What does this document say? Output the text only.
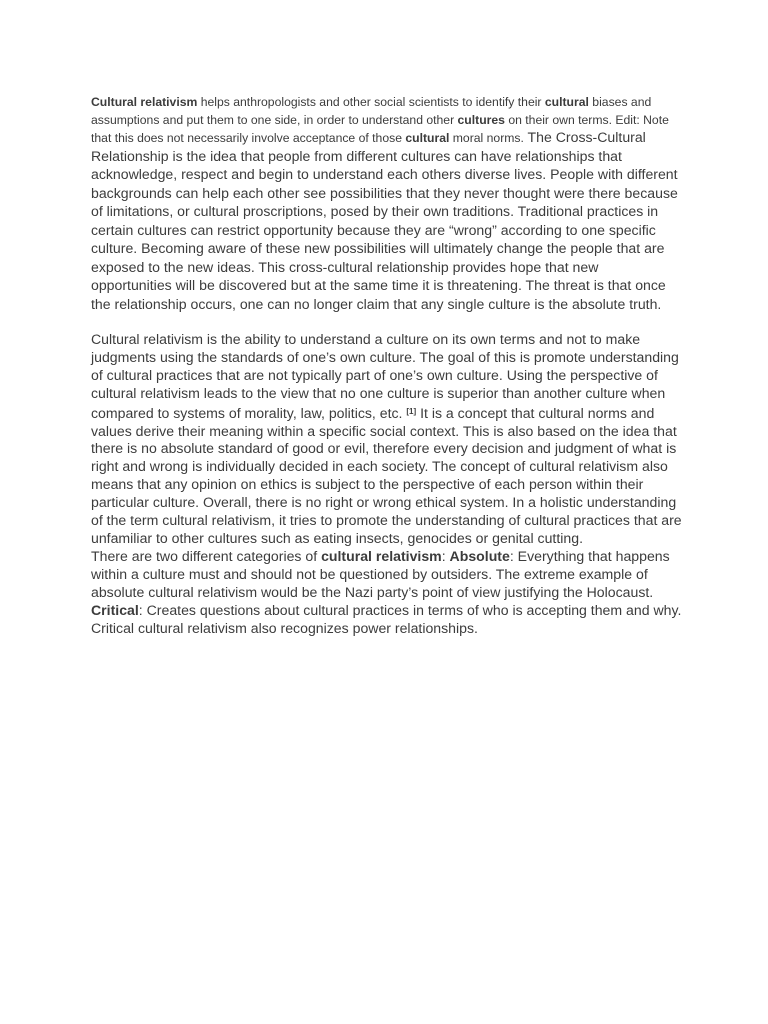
Cultural relativism helps anthropologists and other social scientists to identify their cultural biases and assumptions and put them to one side, in order to understand other cultures on their own terms. Edit: Note that this does not necessarily involve acceptance of those cultural moral norms. The Cross-Cultural Relationship is the idea that people from different cultures can have relationships that acknowledge, respect and begin to understand each others diverse lives. People with different backgrounds can help each other see possibilities that they never thought were there because of limitations, or cultural proscriptions, posed by their own traditions. Traditional practices in certain cultures can restrict opportunity because they are “wrong” according to one specific culture. Becoming aware of these new possibilities will ultimately change the people that are exposed to the new ideas. This cross-cultural relationship provides hope that new opportunities will be discovered but at the same time it is threatening. The threat is that once the relationship occurs, one can no longer claim that any single culture is the absolute truth.

Cultural relativism is the ability to understand a culture on its own terms and not to make judgments using the standards of one’s own culture. The goal of this is promote understanding of cultural practices that are not typically part of one’s own culture. Using the perspective of cultural relativism leads to the view that no one culture is superior than another culture when compared to systems of morality, law, politics, etc. [1] It is a concept that cultural norms and values derive their meaning within a specific social context. This is also based on the idea that there is no absolute standard of good or evil, therefore every decision and judgment of what is right and wrong is individually decided in each society. The concept of cultural relativism also means that any opinion on ethics is subject to the perspective of each person within their particular culture. Overall, there is no right or wrong ethical system. In a holistic understanding of the term cultural relativism, it tries to promote the understanding of cultural practices that are unfamiliar to other cultures such as eating insects, genocides or genital cutting.

There are two different categories of cultural relativism: Absolute: Everything that happens within a culture must and should not be questioned by outsiders. The extreme example of absolute cultural relativism would be the Nazi party’s point of view justifying the Holocaust.

Critical: Creates questions about cultural practices in terms of who is accepting them and why. Critical cultural relativism also recognizes power relationships.
